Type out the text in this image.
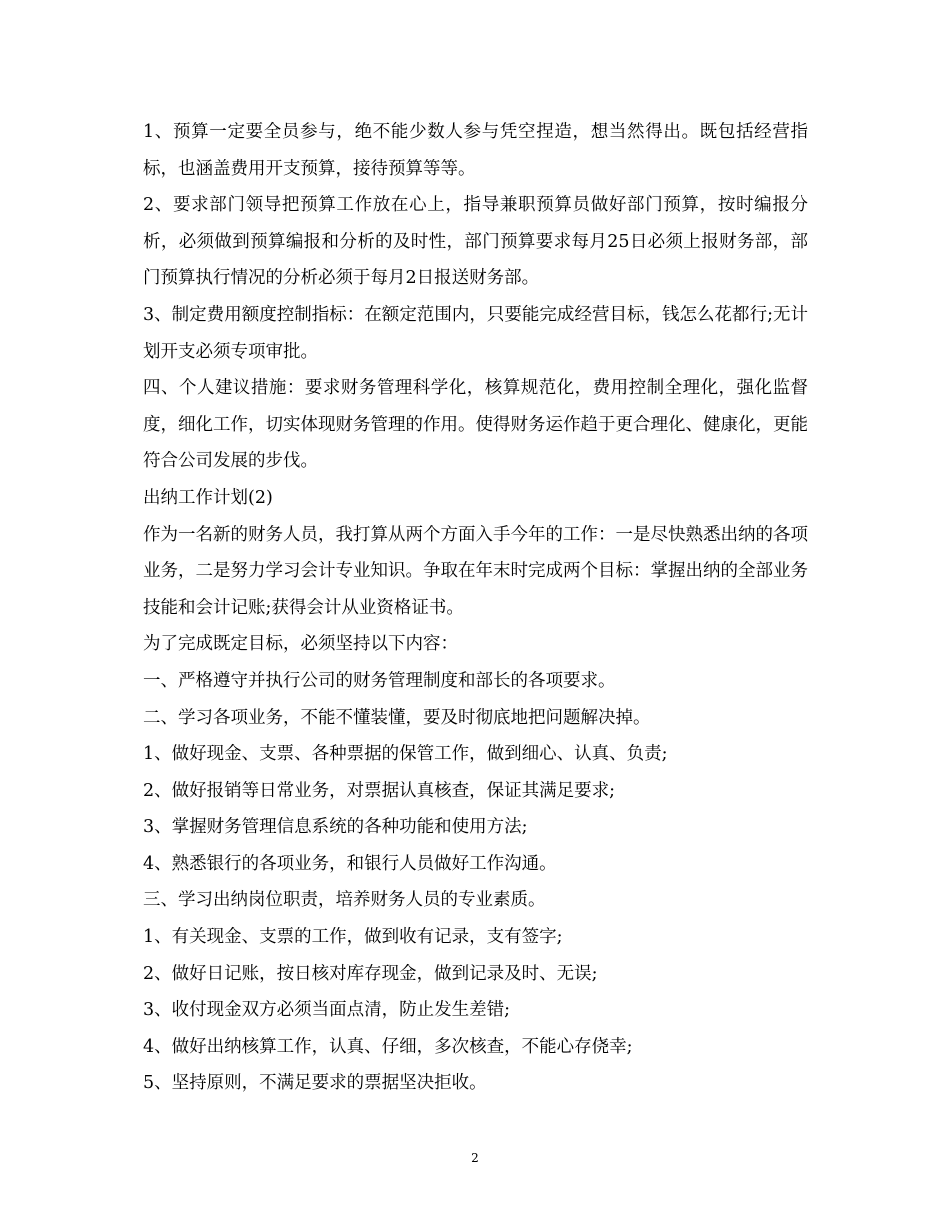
1、预算一定要全员参与，绝不能少数人参与凭空捏造，想当然得出。既包括经营指标，也涵盖费用开支预算，接待预算等等。

2、要求部门领导把预算工作放在心上，指导兼职预算员做好部门预算，按时编报分析，必须做到预算编报和分析的及时性，部门预算要求每月25日必须上报财务部，部门预算执行情况的分析必须于每月2日报送财务部。

3、制定费用额度控制指标：在额定范围内，只要能完成经营目标，钱怎么花都行;无计划开支必须专项审批。

四、个人建议措施：要求财务管理科学化，核算规范化，费用控制全理化，强化监督度，细化工作，切实体现财务管理的作用。使得财务运作趋于更合理化、健康化，更能符合公司发展的步伐。

出纳工作计划(2)

作为一名新的财务人员，我打算从两个方面入手今年的工作：一是尽快熟悉出纳的各项业务，二是努力学习会计专业知识。争取在年末时完成两个目标：掌握出纳的全部业务技能和会计记账;获得会计从业资格证书。

为了完成既定目标，必须坚持以下内容：

一、严格遵守并执行公司的财务管理制度和部长的各项要求。

二、学习各项业务，不能不懂装懂，要及时彻底地把问题解决掉。

1、做好现金、支票、各种票据的保管工作，做到细心、认真、负责;

2、做好报销等日常业务，对票据认真核查，保证其满足要求;

3、掌握财务管理信息系统的各种功能和使用方法;

4、熟悉银行的各项业务，和银行人员做好工作沟通。

三、学习出纳岗位职责，培养财务人员的专业素质。

1、有关现金、支票的工作，做到收有记录，支有签字;

2、做好日记账，按日核对库存现金，做到记录及时、无误;

3、收付现金双方必须当面点清，防止发生差错;

4、做好出纳核算工作，认真、仔细，多次核查，不能心存侥幸;

5、坚持原则，不满足要求的票据坚决拒收。

2
